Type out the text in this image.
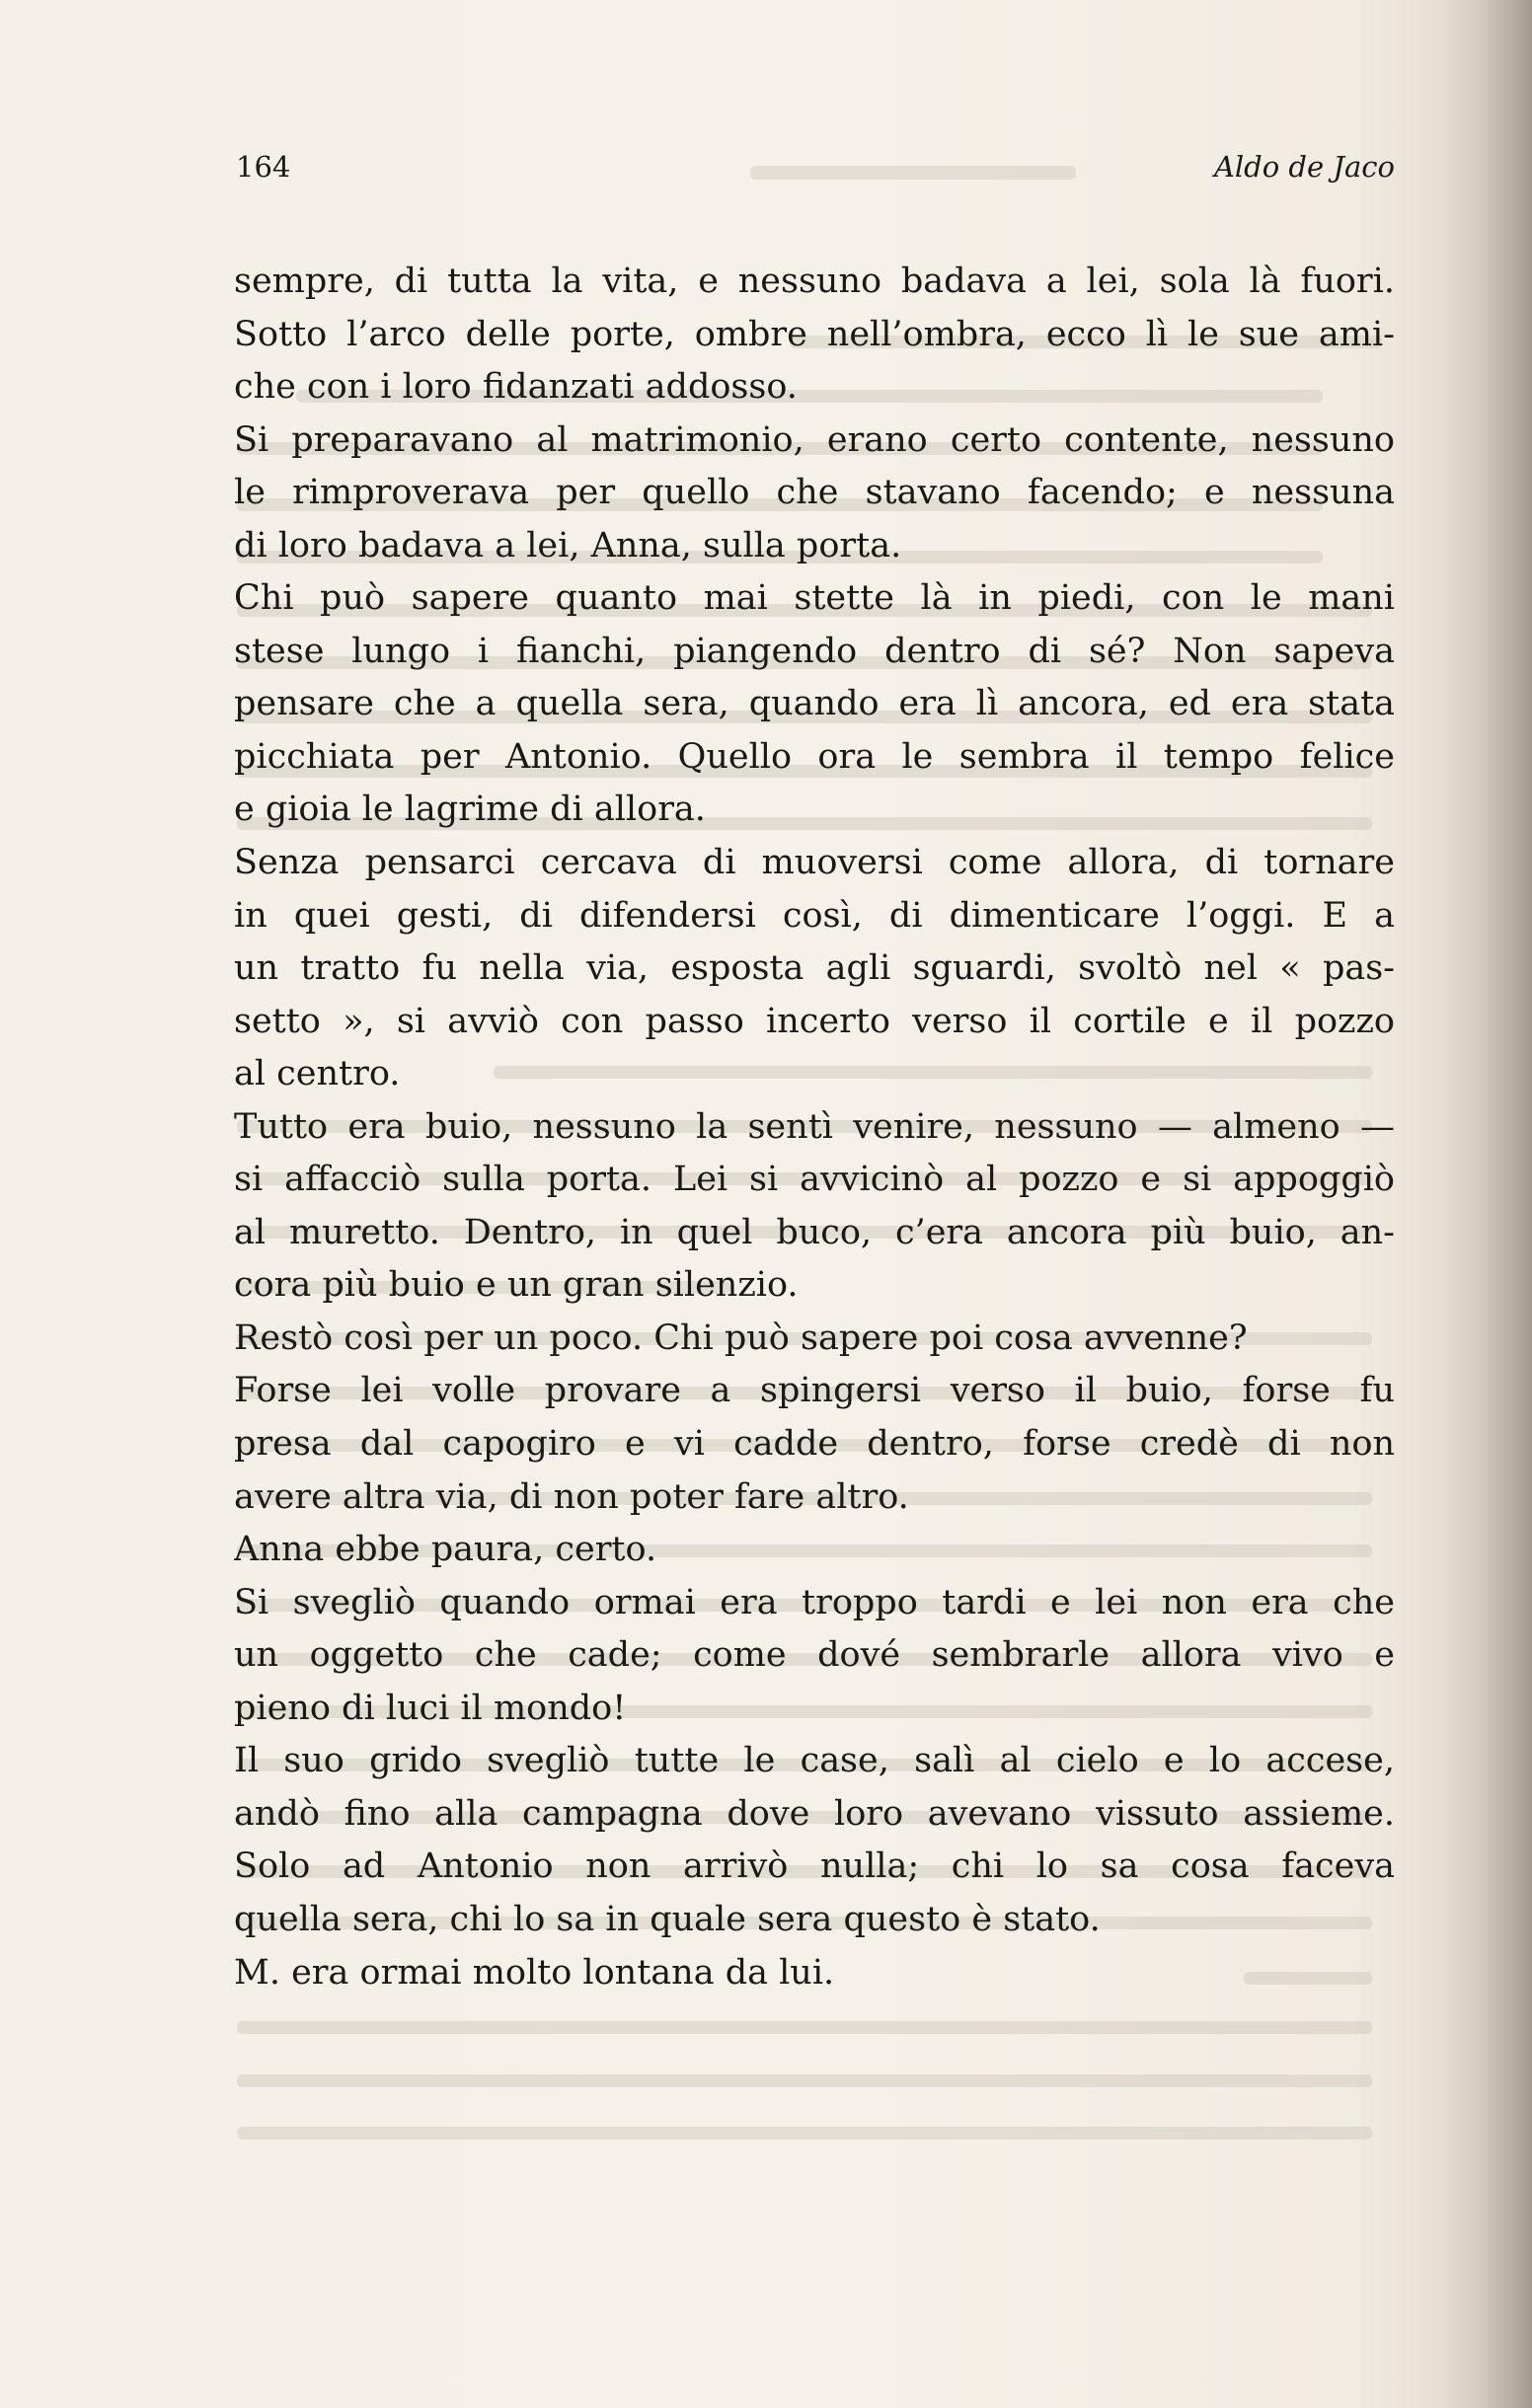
164	Aldo de Jaco
sempre, di tutta la vita, e nessuno badava a lei, sola là fuori.
Sotto l’arco delle porte, ombre nell’ombra, ecco lì le sue ami-
che con i loro fidanzati addosso.
Si preparavano al matrimonio, erano certo contente, nessuno
le rimproverava per quello che stavano facendo; e nessuna
di loro badava a lei, Anna, sulla porta.
Chi può sapere quanto mai stette là in piedi, con le mani
stese lungo i fianchi, piangendo dentro di sé? Non sapeva
pensare che a quella sera, quando era lì ancora, ed era stata
picchiata per Antonio. Quello ora le sembra il tempo felice
e gioia le lagrime di allora.
Senza pensarci cercava di muoversi come allora, di tornare
in quei gesti, di difendersi così, di dimenticare l’oggi. E a
un tratto fu nella via, esposta agli sguardi, svoltò nel « pas-
setto », si avviò con passo incerto verso il cortile e il pozzo
al centro.
Tutto era buio, nessuno la sentì venire, nessuno — almeno —
si affacciò sulla porta. Lei si avvicinò al pozzo e si appoggiò
al muretto. Dentro, in quel buco, c’era ancora più buio, an-
cora più buio e un gran silenzio.
Restò così per un poco. Chi può sapere poi cosa avvenne?
Forse lei volle provare a spingersi verso il buio, forse fu
presa dal capogiro e vi cadde dentro, forse credè di non
avere altra via, di non poter fare altro.
Anna ebbe paura, certo.
Si svegliò quando ormai era troppo tardi e lei non era che
un oggetto che cade; come dové sembrarle allora vivo e
pieno di luci il mondo!
Il suo grido svegliò tutte le case, salì al cielo e lo accese,
andò fino alla campagna dove loro avevano vissuto assieme.
Solo ad Antonio non arrivò nulla; chi lo sa cosa faceva
quella sera, chi lo sa in quale sera questo è stato.
M. era ormai molto lontana da lui.
